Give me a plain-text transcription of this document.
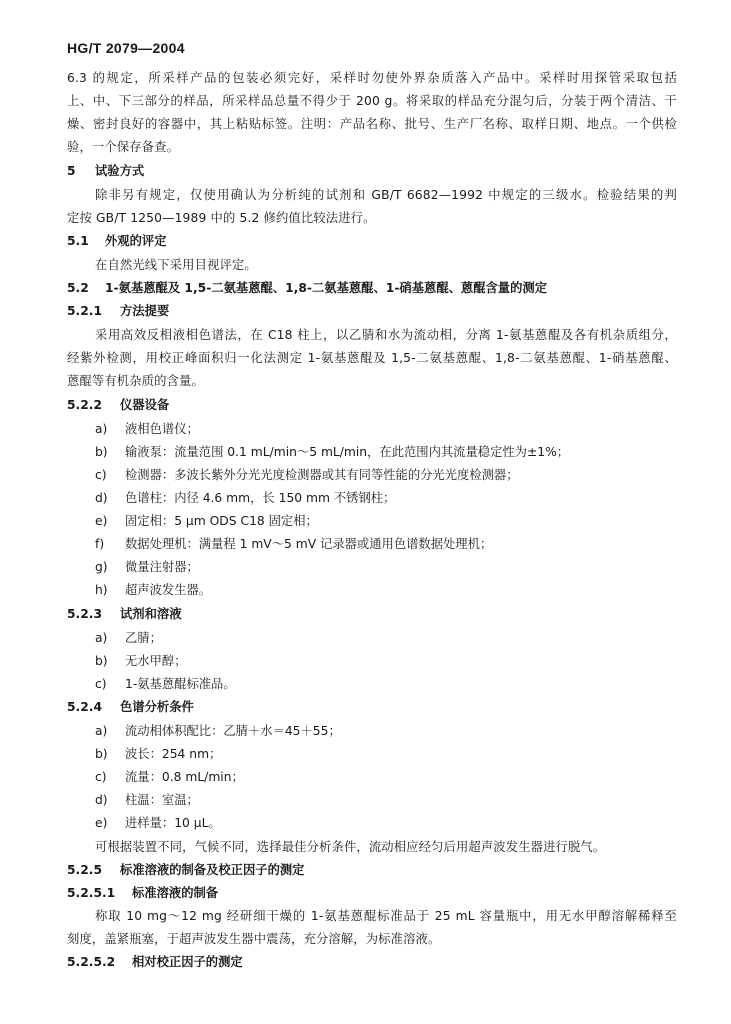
HG/T 2079—2004
6.3 的规定，所采样产品的包装必须完好，采样时勿使外界杂质落入产品中。采样时用探管采取包括
上、中、下三部分的样品，所采样品总量不得少于 200 g。将采取的样品充分混匀后，分装于两个清洁、干
燥、密封良好的容器中，其上粘贴标签。注明：产品名称、批号、生产厂名称、取样日期、地点。一个供检
验，一个保存备查。
5 试验方式
除非另有规定，仅使用确认为分析纯的试剂和 GB/T 6682—1992 中规定的三级水。检验结果的判
定按 GB/T 1250—1989 中的 5.2 修约值比较法进行。
5.1 外观的评定
在自然光线下采用目视评定。
5.2 1-氨基蒽醌及 1,5-二氨基蒽醌、1,8-二氨基蒽醌、1-硝基蒽醌、蒽醌含量的测定
5.2.1 方法提要
采用高效反相液相色谱法，在 C18 柱上，以乙腈和水为流动相，分离 1-氨基蒽醌及各有机杂质组分，
经紫外检测，用校正峰面积归一化法测定 1-氨基蒽醌及 1,5-二氨基蒽醌、1,8-二氨基蒽醌、1-硝基蒽醌、
蒽醌等有机杂质的含量。
5.2.2 仪器设备
a) 液相色谱仪；
b) 输液泵：流量范围 0.1 mL/min～5 mL/min，在此范围内其流量稳定性为±1%；
c) 检测器：多波长紫外分光光度检测器或其有同等性能的分光光度检测器；
d) 色谱柱：内径 4.6 mm，长 150 mm 不锈钢柱；
e) 固定相：5 μm ODS C18 固定相；
f) 数据处理机：满量程 1 mV～5 mV 记录器或通用色谱数据处理机；
g) 微量注射器；
h) 超声波发生器。
5.2.3 试剂和溶液
a) 乙腈；
b) 无水甲醇；
c) 1-氨基蒽醌标准品。
5.2.4 色谱分析条件
a) 流动相体积配比：乙腈＋水＝45＋55；
b) 波长：254 nm；
c) 流量：0.8 mL/min；
d) 柱温：室温；
e) 进样量：10 μL。
可根据装置不同，气候不同，选择最佳分析条件，流动相应经匀后用超声波发生器进行脱气。
5.2.5 标准溶液的制备及校正因子的测定
5.2.5.1 标准溶液的制备
称取 10 mg～12 mg 经研细干燥的 1-氨基蒽醌标准品于 25 mL 容量瓶中，用无水甲醇溶解稀释至
刻度，盖紧瓶塞，于超声波发生器中震荡，充分溶解，为标准溶液。
5.2.5.2 相对校正因子的测定
